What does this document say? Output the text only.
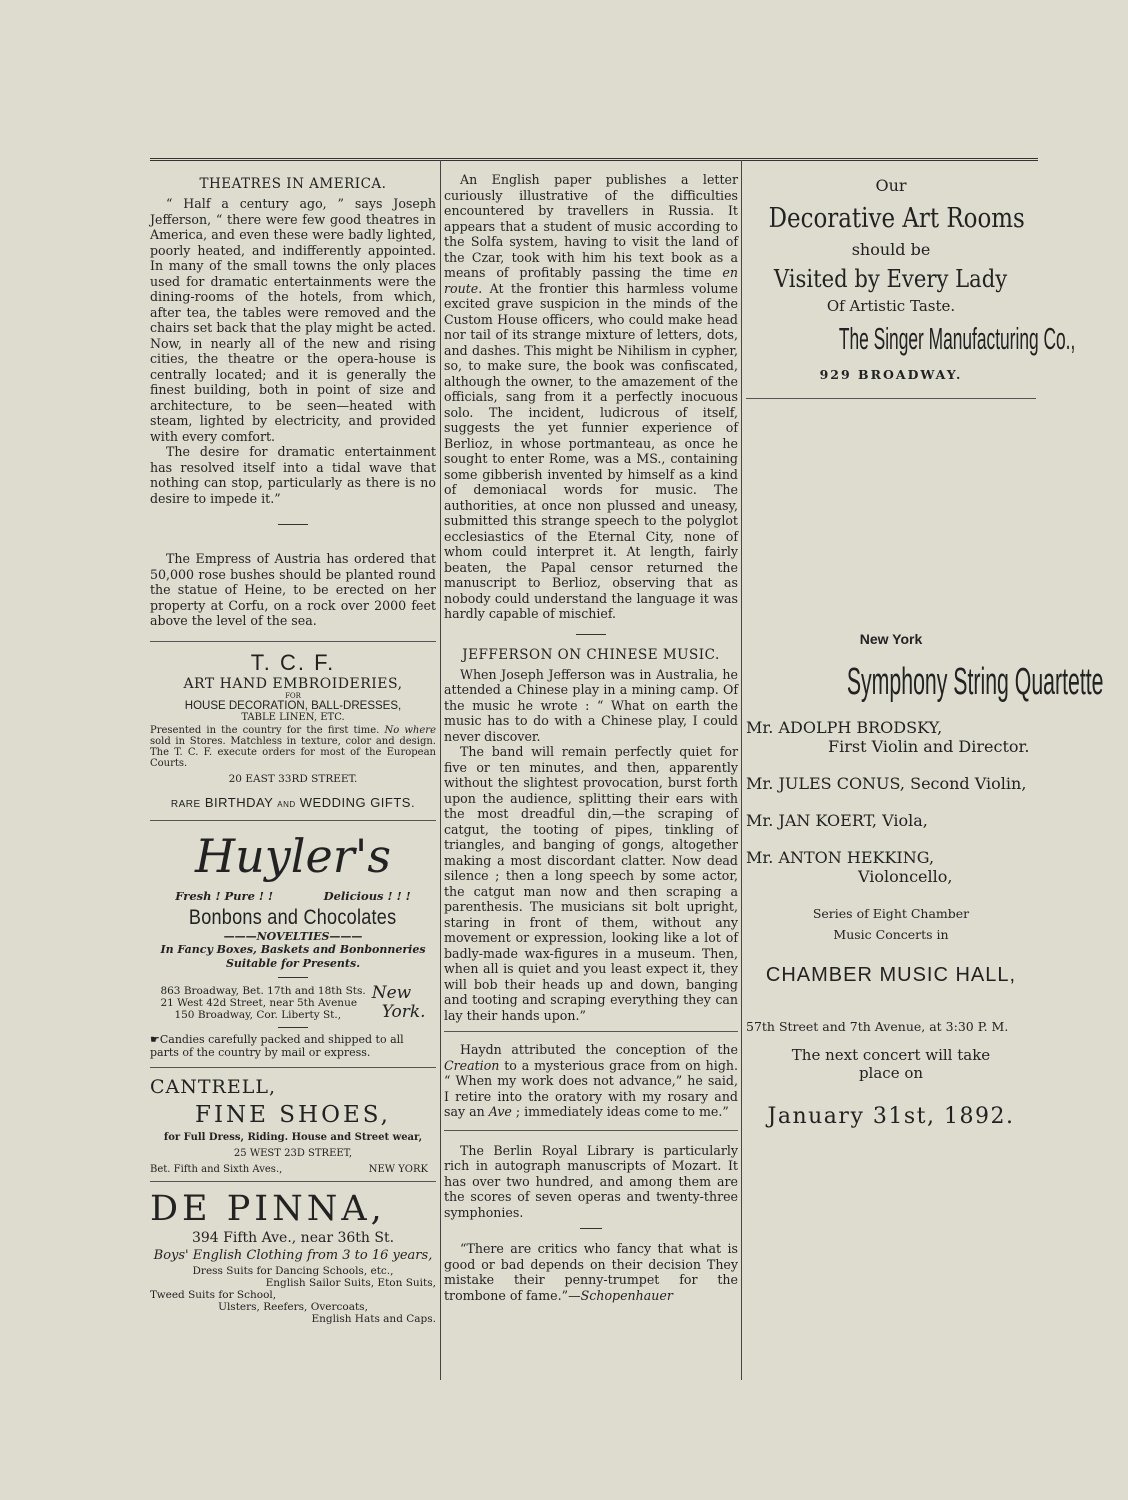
THEATRES IN AMERICA.

“ Half a century ago, ” says Joseph Jefferson, “ there were few good theatres in America, and even these were badly lighted, poorly heated, and indifferently appointed. In many of the small towns the only places used for dramatic entertainments were the dining-rooms of the hotels, from which, after tea, the tables were removed and the chairs set back that the play might be acted. Now, in nearly all of the new and rising cities, the theatre or the opera-house is centrally located; and it is generally the finest building, both in point of size and architecture, to be seen—heated with steam, lighted by electricity, and provided with every comfort.

The desire for dramatic entertainment has resolved itself into a tidal wave that nothing can stop, particularly as there is no desire to impede it.”

The Empress of Austria has ordered that 50,000 rose bushes should be planted round the statue of Heine, to be erected on her property at Corfu, on a rock over 2000 feet above the level of the sea.

T. C. F.
ART HAND EMBROIDERIES,
FOR
HOUSE DECORATION, BALL-DRESSES,
TABLE LINEN, ETC.

Presented in the country for the first time. No where sold in Stores. Matchless in texture, color and design. The T. C. F. execute orders for most of the European Courts.

20 EAST 33RD STREET.
RARE BIRTHDAY AND WEDDING GIFTS.
Huyler's
Fresh ! Pure ! !	Delicious ! ! !
Bonbons and Chocolates
———NOVELTIES———
In Fancy Boxes, Baskets and Bonbonneries Suitable for Presents.
863 Broadway, Bet. 17th and 18th Sts.
21 West 42d Street, near 5th Avenue
150 Broadway, Cor. Liberty St.,
New
York.

☛Candies carefully packed and shipped to all parts of the country by mail or express.

CANTRELL,
FINE SHOES,
for Full Dress, Riding. House and Street wear,
25 WEST 23D STREET,
Bet. Fifth and Sixth Aves.,	NEW YORK
DE PINNA,
394 Fifth Ave., near 36th St.
Boys' English Clothing from 3 to 16 years,
Dress Suits for Dancing Schools, etc.,
English Sailor Suits, Eton Suits,
Tweed Suits for School,
Ulsters, Reefers, Overcoats,
English Hats and Caps.

An English paper publishes a letter curiously illustrative of the difficulties encountered by travellers in Russia. It appears that a student of music according to the Solfa system, having to visit the land of the Czar, took with him his text book as a means of profitably passing the time en route. At the frontier this harmless volume excited grave suspicion in the minds of the Custom House officers, who could make head nor tail of its strange mixture of letters, dots, and dashes. This might be Nihilism in cypher, so, to make sure, the book was confiscated, although the owner, to the amazement of the officials, sang from it a perfectly inocuous solo. The incident, ludicrous of itself, suggests the yet funnier experience of Berlioz, in whose portmanteau, as once he sought to enter Rome, was a MS., containing some gibberish invented by himself as a kind of demoniacal words for music. The authorities, at once non plussed and uneasy, submitted this strange speech to the polyglot ecclesiastics of the Eternal City, none of whom could interpret it. At length, fairly beaten, the Papal censor returned the manuscript to Berlioz, observing that as nobody could understand the language it was hardly capable of mischief.

JEFFERSON ON CHINESE MUSIC.

When Joseph Jefferson was in Australia, he attended a Chinese play in a mining camp. Of the music he wrote : “ What on earth the music has to do with a Chinese play, I could never discover.

The band will remain perfectly quiet for five or ten minutes, and then, apparently without the slightest provocation, burst forth upon the audience, splitting their ears with the most dreadful din,—the scraping of catgut, the tooting of pipes, tinkling of triangles, and banging of gongs, altogether making a most discordant clatter. Now dead silence ; then a long speech by some actor, the catgut man now and then scraping a parenthesis. The musicians sit bolt upright, staring in front of them, without any movement or expression, looking like a lot of badly-made wax-figures in a museum. Then, when all is quiet and you least expect it, they will bob their heads up and down, banging and tooting and scraping everything they can lay their hands upon.”

Haydn attributed the conception of the Creation to a mysterious grace from on high. “ When my work does not advance,” he said, I retire into the oratory with my rosary and say an Ave ; immediately ideas come to me.”

The Berlin Royal Library is particularly rich in autograph manuscripts of Mozart. It has over two hundred, and among them are the scores of seven operas and twenty-three symphonies.

“There are critics who fancy that what is good or bad depends on their decision They mistake their penny-trumpet for the trombone of fame.”—Schopenhauer

Our
Decorative Art Rooms
should be
Visited by Every Lady
Of Artistic Taste.
The Singer Manufacturing Co.,
929 BROADWAY.
New York
Symphony String Quartette
Mr. ADOLPH BRODSKY,
First Violin and Director.
Mr. JULES CONUS, Second Violin,
Mr. JAN KOERT, Viola,
Mr. ANTON HEKKING,
Violoncello,
Series of Eight Chamber
Music Concerts in
CHAMBER MUSIC HALL,
57th Street and 7th Avenue, at 3:30 P. M.
The next concert will take
place on
January 31st, 1892.
